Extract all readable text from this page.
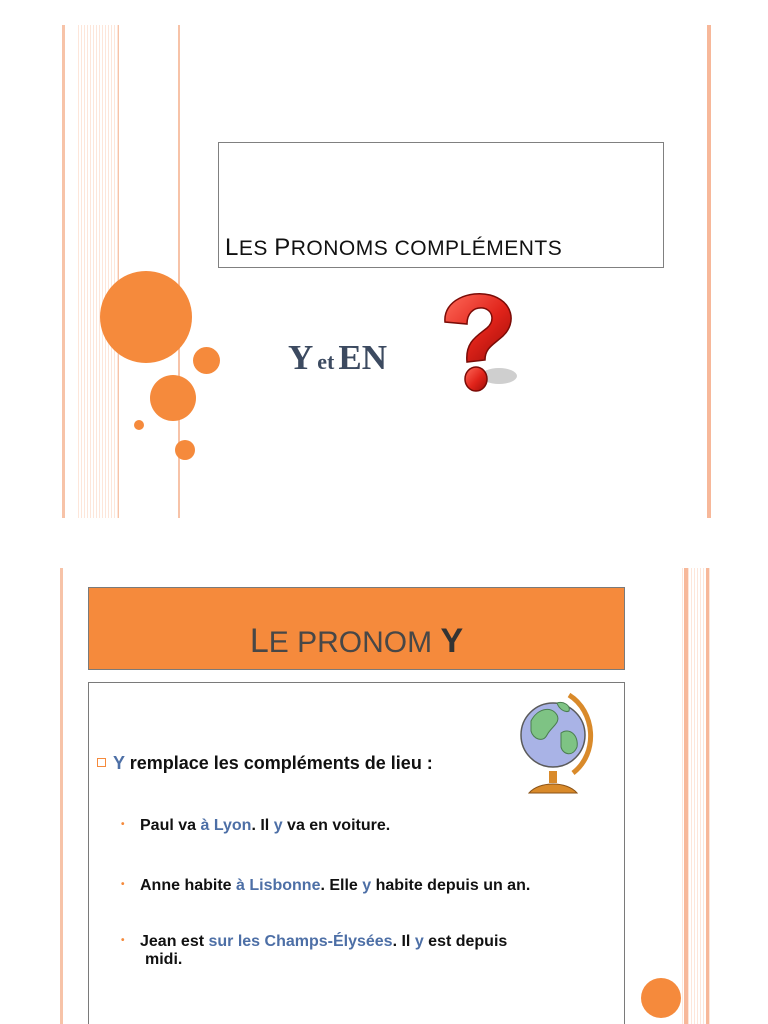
LES PRONOMS COMPLÉMENTS
Y et EN
LE PRONOM Y
Y remplace les compléments de lieu :
• Paul va à Lyon. Il y va en voiture.
• Anne habite à Lisbonne. Elle y habite depuis un an.
• Jean est sur les Champs-Élysées. Il y est depuis
midi.
